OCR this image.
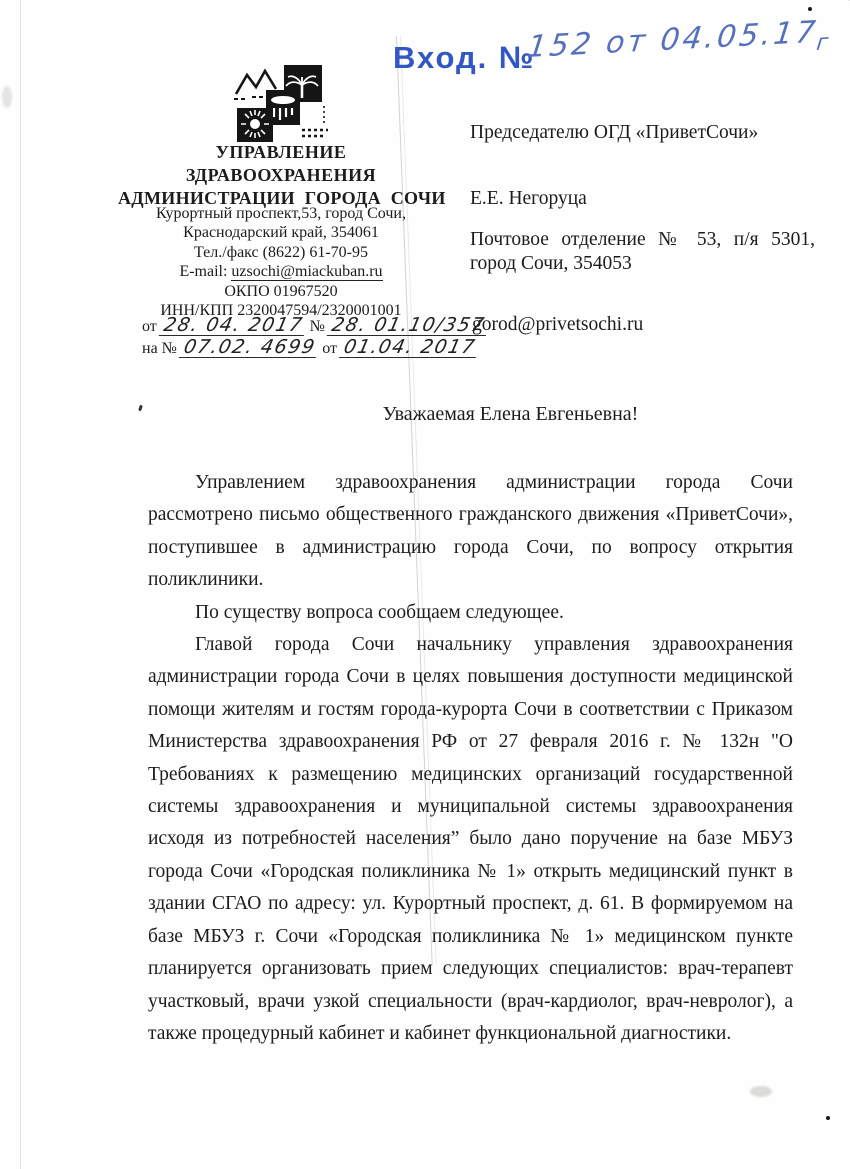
Вход. №
152 от $04.05.17_г$
УПРАВЛЕНИЕ
ЗДРАВООХРАНЕНИЯ
АДМИНИСТРАЦИИ ГОРОДА СОЧИ
Курортный проспект,53, город Сочи,
Краснодарский край, 354061
Тел./факс (8622) 61-70-95
E-mail: uzsochi@miackuban.ru
ОКПО 01967520
ИНН/КПП 2320047594/2320001001
от 28. 04. 2017 № 28. 01.10/357
на № 07.02. 4699 от 01.04. 2017
Председателю ОГД «ПриветСочи»
Е.Е. Негоруца
Почтовое отделение № 53, п/я 5301, город Сочи, 354053
gorod@privetsochi.ru
Уважаемая Елена Евгеньевна!

Управлением здравоохранения администрации города Сочи рассмотрено письмо общественного гражданского движения «ПриветСочи», поступившее в администрацию города Сочи, по вопросу открытия поликлиники.

По существу вопроса сообщаем следующее.

Главой города Сочи начальнику управления здравоохранения администрации города Сочи в целях повышения доступности медицинской помощи жителям и гостям города-курорта Сочи в соответствии с Приказом Министерства здравоохранения РФ от 27 февраля 2016 г. № 132н "О Требованиях к размещению медицинских организаций государственной системы здравоохранения и муниципальной системы здравоохранения исходя из потребностей населения” было дано поручение на базе МБУЗ города Сочи «Городская поликлиника № 1» открыть медицинский пункт в здании СГАО по адресу: ул. Курортный проспект, д. 61. В формируемом на базе МБУЗ г. Сочи «Городская поликлиника № 1» медицинском пункте планируется организовать прием следующих специалистов: врач-терапевт участковый, врачи узкой специальности (врач-кардиолог, врач-невролог), а также процедурный кабинет и кабинет функциональной диагностики.
